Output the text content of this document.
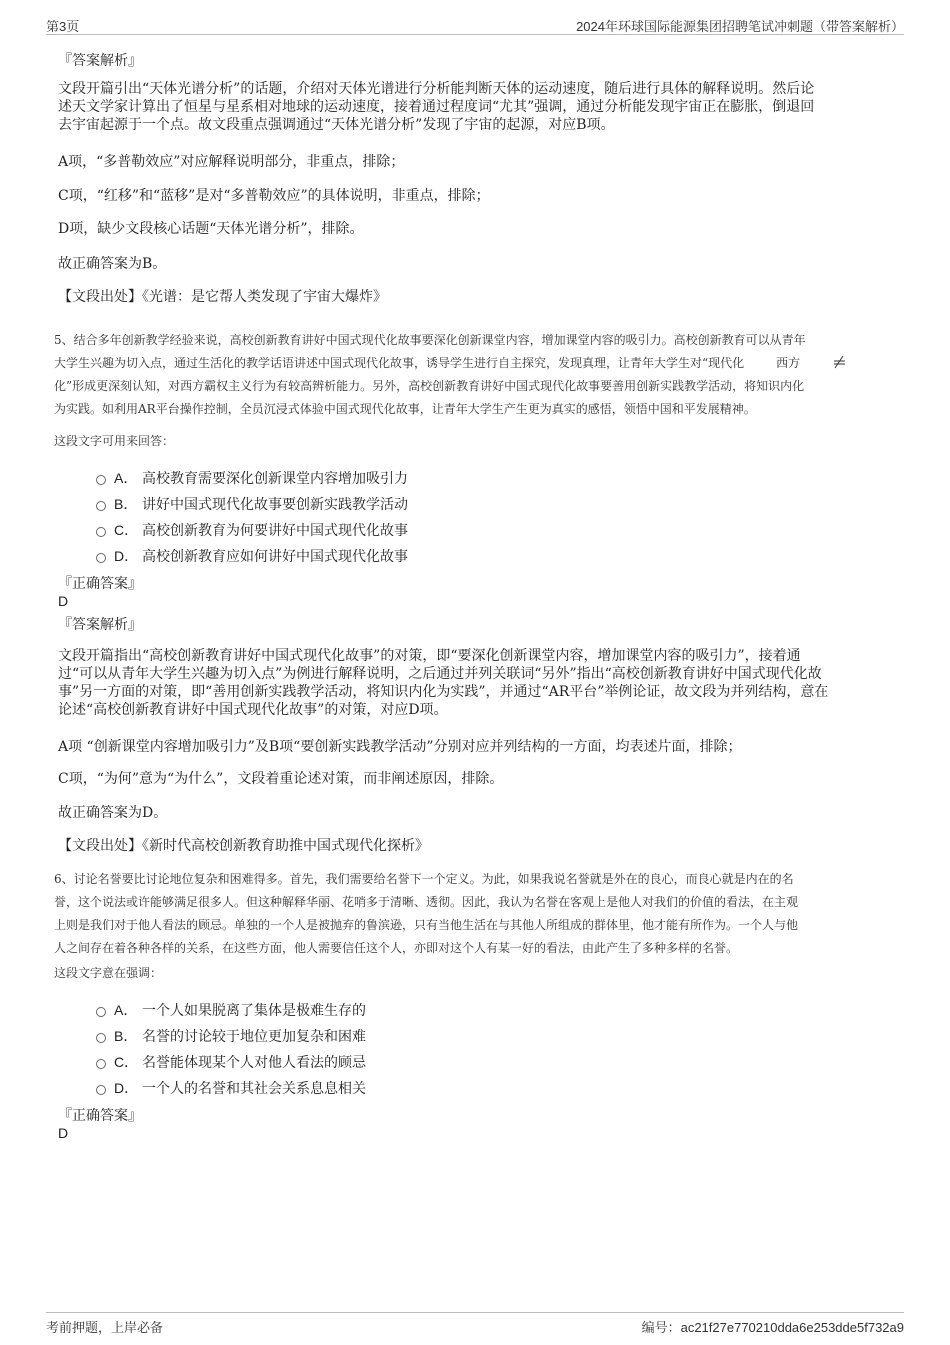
第3页	2024年环球国际能源集团招聘笔试冲刺题（带答案解析）
『答案解析』
文段开篇引出“天体光谱分析”的话题，介绍对天体光谱进行分析能判断天体的运动速度，随后进行具体的解释说明。然后论
述天文学家计算出了恒星与星系相对地球的运动速度，接着通过程度词“尤其”强调，通过分析能发现宇宙正在膨胀，倒退回
去宇宙起源于一个点。故文段重点强调通过“天体光谱分析”发现了宇宙的起源，对应B项。
A项，“多普勒效应”对应解释说明部分，非重点，排除；
C项，“红移”和“蓝移”是对“多普勒效应”的具体说明，非重点，排除；
D项，缺少文段核心话题“天体光谱分析”，排除。
故正确答案为B。
【文段出处】《光谱：是它帮人类发现了宇宙大爆炸》
5、结合多年创新教学经验来说，高校创新教育讲好中国式现代化故事要深化创新课堂内容，增加课堂内容的吸引力。高校创新教育可以从青年
大学生兴趣为切入点，通过生活化的教学话语讲述中国式现代化故事，诱导学生进行自主探究，发现真理，让青年大学生对“现代化	西方
化”形成更深刻认知，对西方霸权主义行为有较高辨析能力。另外，高校创新教育讲好中国式现代化故事要善用创新实践教学活动，将知识内化
为实践。如利用AR平台操作控制，全员沉浸式体验中国式现代化故事，让青年大学生产生更为真实的感悟，领悟中国和平发展精神。
这段文字可用来回答：
A． 高校教育需要深化创新课堂内容增加吸引力
B． 讲好中国式现代化故事要创新实践教学活动
C． 高校创新教育为何要讲好中国式现代化故事
D． 高校创新教育应如何讲好中国式现代化故事
『正确答案』
D
『答案解析』
文段开篇指出“高校创新教育讲好中国式现代化故事”的对策，即“要深化创新课堂内容，增加课堂内容的吸引力”，接着通
过“可以从青年大学生兴趣为切入点”为例进行解释说明，之后通过并列关联词“另外”指出“高校创新教育讲好中国式现代化故
事”另一方面的对策，即“善用创新实践教学活动，将知识内化为实践”，并通过“AR平台”举例论证，故文段为并列结构，意在
论述“高校创新教育讲好中国式现代化故事”的对策，对应D项。
A项 “创新课堂内容增加吸引力”及B项“要创新实践教学活动”分别对应并列结构的一方面，均表述片面，排除；
C项，“为何”意为“为什么”，文段着重论述对策，而非阐述原因，排除。
故正确答案为D。
【文段出处】《新时代高校创新教育助推中国式现代化探析》
6、讨论名誉要比讨论地位复杂和困难得多。首先，我们需要给名誉下一个定义。为此，如果我说名誉就是外在的良心，而良心就是内在的名
誉，这个说法或许能够满足很多人。但这种解释华丽、花哨多于清晰、透彻。因此，我认为名誉在客观上是他人对我们的价值的看法，在主观
上则是我们对于他人看法的顾忌。单独的一个人是被抛弃的鲁滨逊，只有当他生活在与其他人所组成的群体里，他才能有所作为。一个人与他
人之间存在着各种各样的关系，在这些方面，他人需要信任这个人，亦即对这个人有某一好的看法，由此产生了多种多样的名誉。
这段文字意在强调：
A． 一个人如果脱离了集体是极难生存的
B． 名誉的讨论较于地位更加复杂和困难
C． 名誉能体现某个人对他人看法的顾忌
D． 一个人的名誉和其社会关系息息相关
『正确答案』
D
考前押题，上岸必备	编号：ac21f27e770210dda6e253dde5f732a9
